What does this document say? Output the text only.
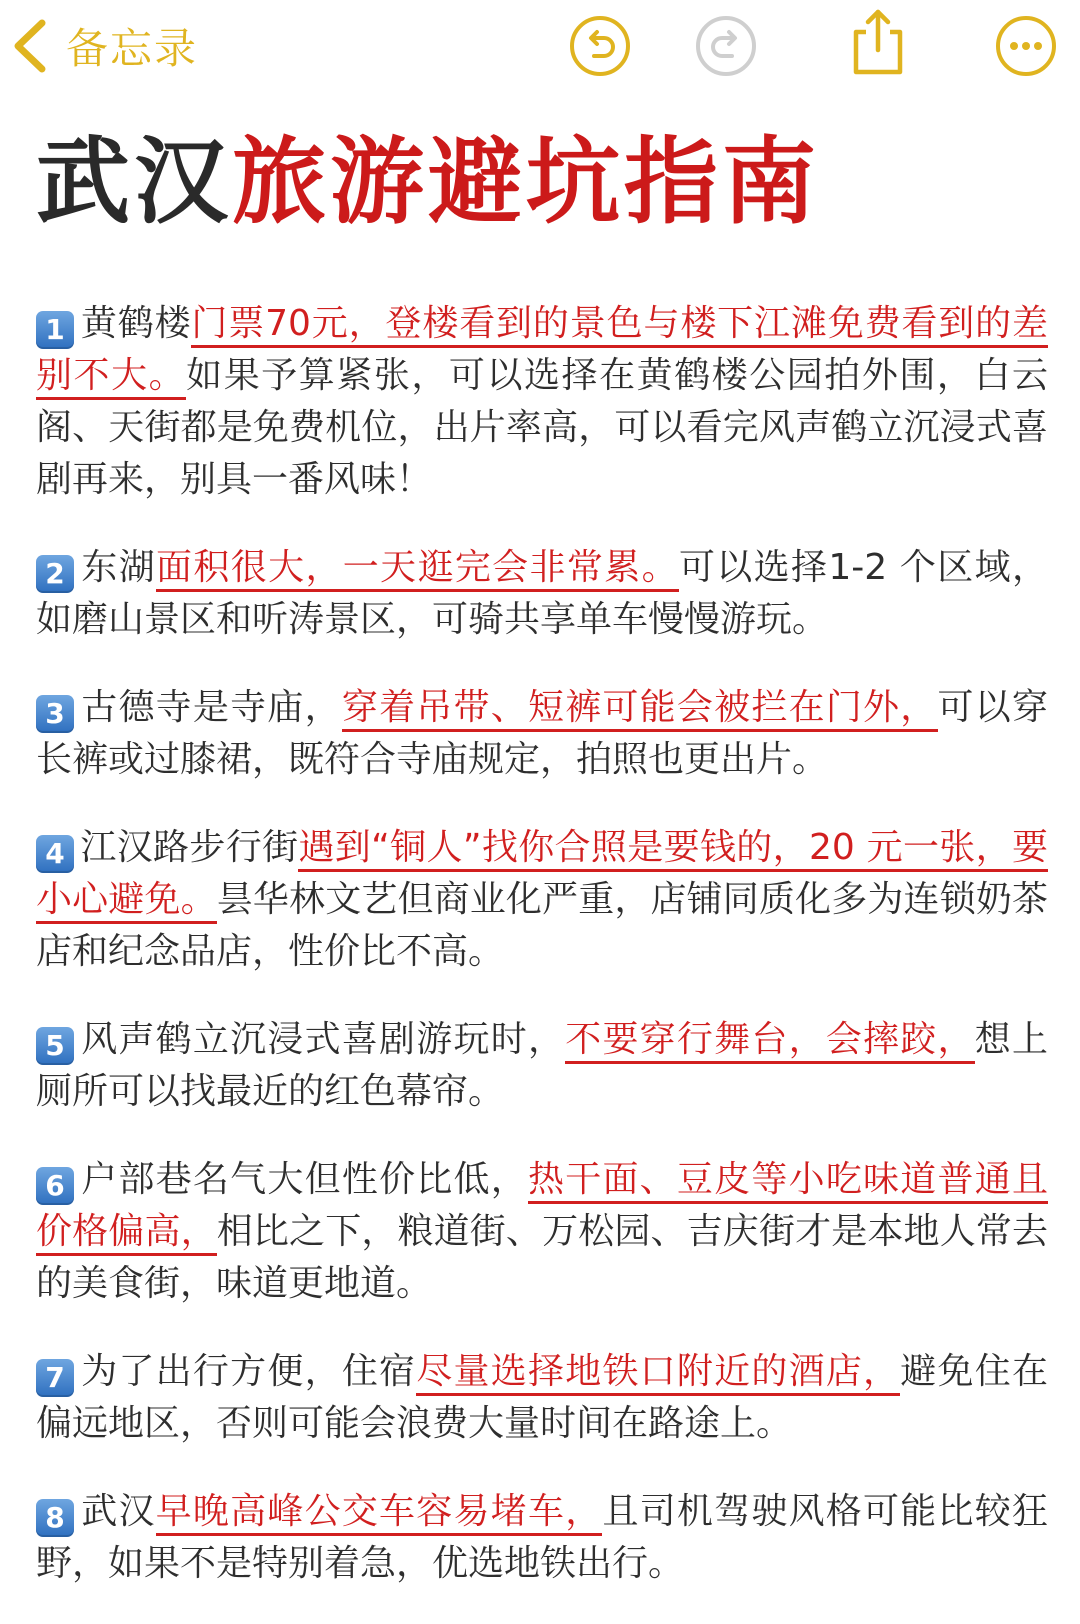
备忘录
武汉旅游避坑指南

1 黄鹤楼门票70元，登楼看到的景色与楼下江滩免费看到的差别不大。如果予算紧张，可以选择在黄鹤楼公园拍外围，白云阁、天街都是免费机位，出片率高，可以看完风声鹤立沉浸式喜剧再来，别具一番风味！

2 东湖面积很大，一天逛完会非常累。可以选择1-2 个区域，如磨山景区和听涛景区，可骑共享单车慢慢游玩。

3 古德寺是寺庙，穿着吊带、短裤可能会被拦在门外，可以穿长裤或过膝裙，既符合寺庙规定，拍照也更出片。

4 江汉路步行街遇到“铜人”找你合照是要钱的，20 元一张，要小心避免。昙华林文艺但商业化严重，店铺同质化多为连锁奶茶店和纪念品店，性价比不高。

5 风声鹤立沉浸式喜剧游玩时，不要穿行舞台，会摔跤，想上厕所可以找最近的红色幕帘。

6 户部巷名气大但性价比低，热干面、豆皮等小吃味道普通且价格偏高，相比之下，粮道街、万松园、吉庆街才是本地人常去的美食街，味道更地道。

7 为了出行方便，住宿尽量选择地铁口附近的酒店，避免住在偏远地区，否则可能会浪费大量时间在路途上。

8 武汉早晚高峰公交车容易堵车，且司机驾驶风格可能比较狂野，如果不是特别着急，优选地铁出行。
